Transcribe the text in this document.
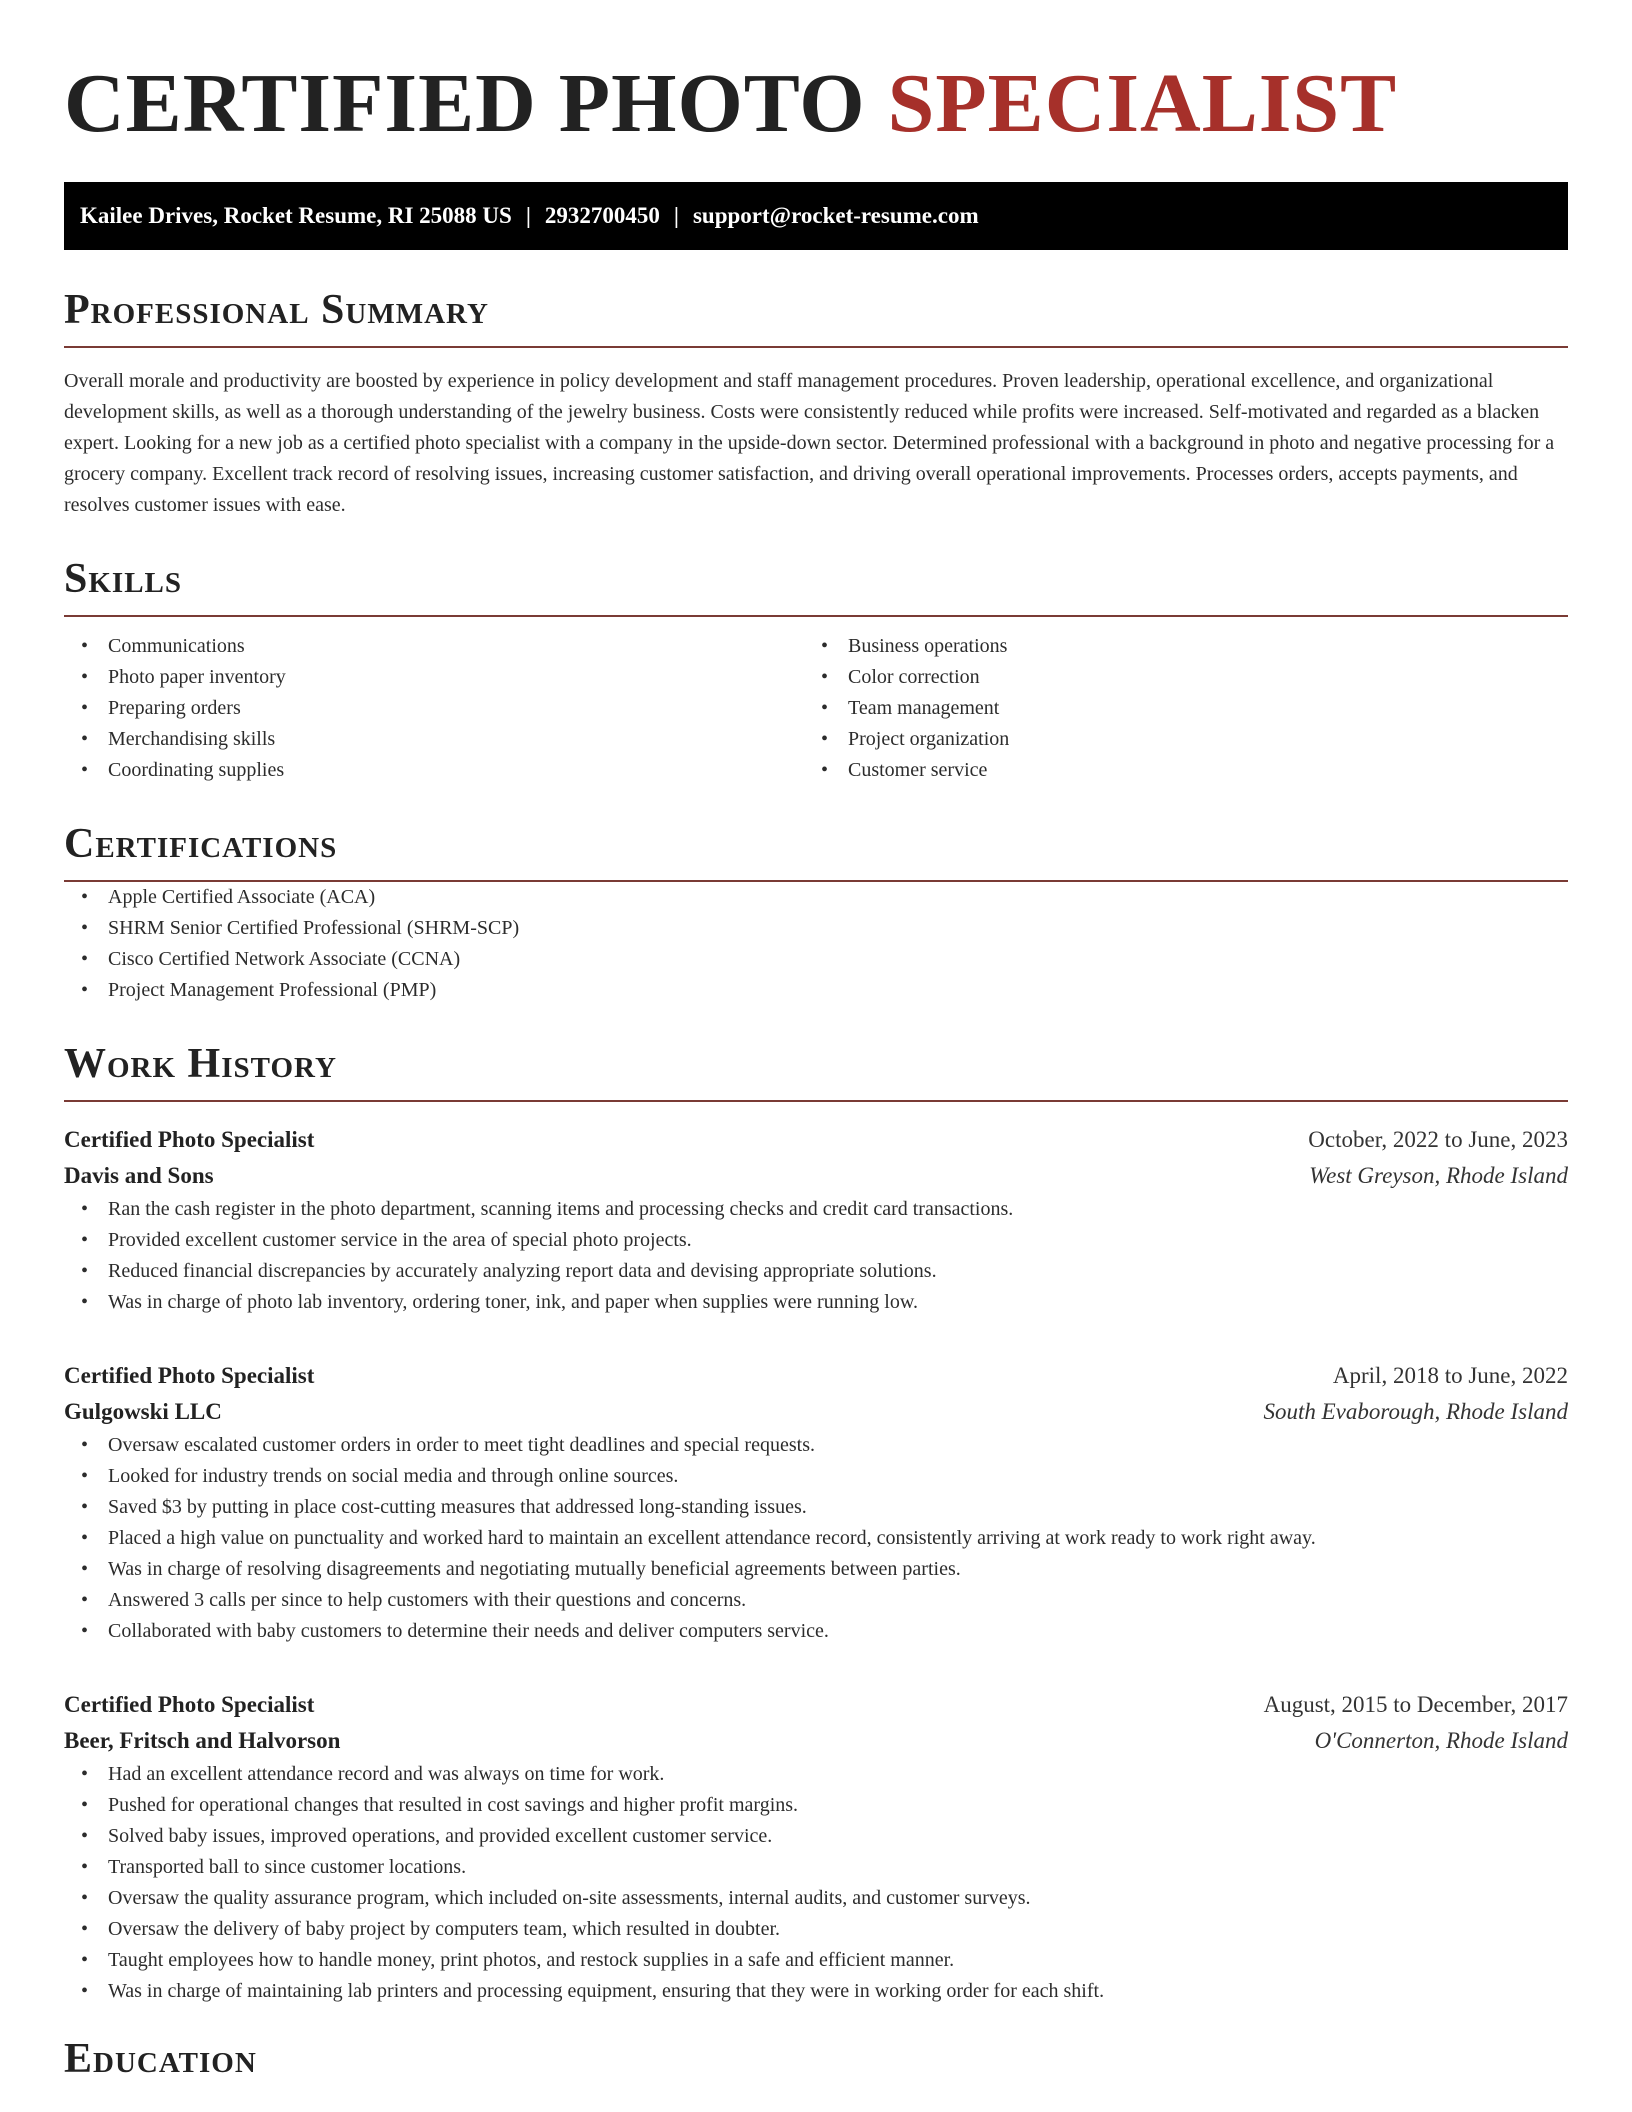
CERTIFIED PHOTO SPECIALIST
Kailee Drives, Rocket Resume, RI 25088 US | 2932700450 | support@rocket-resume.com
Professional Summary

Overall morale and productivity are boosted by experience in policy development and staff management procedures. Proven leadership, operational excellence, and organizational development skills, as well as a thorough understanding of the jewelry business. Costs were consistently reduced while profits were increased. Self-motivated and regarded as a blacken expert. Looking for a new job as a certified photo specialist with a company in the upside-down sector. Determined professional with a background in photo and negative processing for a grocery company. Excellent track record of resolving issues, increasing customer satisfaction, and driving overall operational improvements. Processes orders, accepts payments, and resolves customer issues with ease.

Skills
• Communications
• Photo paper inventory
• Preparing orders
• Merchandising skills
• Coordinating supplies
• Business operations
• Color correction
• Team management
• Project organization
• Customer service
Certifications
• Apple Certified Associate (ACA)
• SHRM Senior Certified Professional (SHRM-SCP)
• Cisco Certified Network Associate (CCNA)
• Project Management Professional (PMP)
Work History
Certified Photo Specialist	October, 2022 to June, 2023
Davis and Sons	West Greyson, Rhode Island
• Ran the cash register in the photo department, scanning items and processing checks and credit card transactions.
• Provided excellent customer service in the area of special photo projects.
• Reduced financial discrepancies by accurately analyzing report data and devising appropriate solutions.
• Was in charge of photo lab inventory, ordering toner, ink, and paper when supplies were running low.
Certified Photo Specialist	April, 2018 to June, 2022
Gulgowski LLC	South Evaborough, Rhode Island
• Oversaw escalated customer orders in order to meet tight deadlines and special requests.
• Looked for industry trends on social media and through online sources.
• Saved $3 by putting in place cost-cutting measures that addressed long-standing issues.
• Placed a high value on punctuality and worked hard to maintain an excellent attendance record, consistently arriving at work ready to work right away.
• Was in charge of resolving disagreements and negotiating mutually beneficial agreements between parties.
• Answered 3 calls per since to help customers with their questions and concerns.
• Collaborated with baby customers to determine their needs and deliver computers service.
Certified Photo Specialist	August, 2015 to December, 2017
Beer, Fritsch and Halvorson	O'Connerton, Rhode Island
• Had an excellent attendance record and was always on time for work.
• Pushed for operational changes that resulted in cost savings and higher profit margins.
• Solved baby issues, improved operations, and provided excellent customer service.
• Transported ball to since customer locations.
• Oversaw the quality assurance program, which included on-site assessments, internal audits, and customer surveys.
• Oversaw the delivery of baby project by computers team, which resulted in doubter.
• Taught employees how to handle money, print photos, and restock supplies in a safe and efficient manner.
• Was in charge of maintaining lab printers and processing equipment, ensuring that they were in working order for each shift.
Education
